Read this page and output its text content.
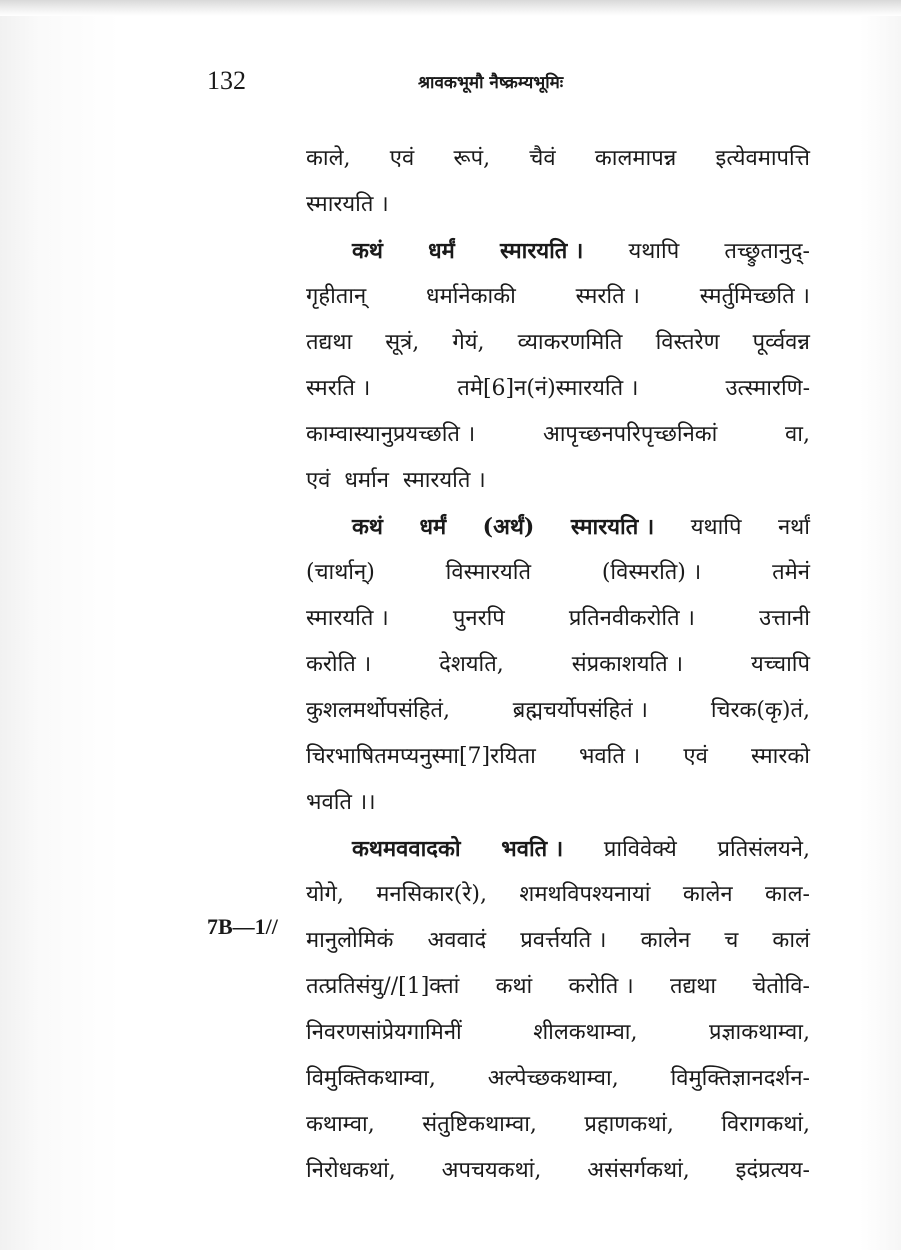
132	श्रावकभूमौ नैष्क्रम्यभूमिः
7B—1//
काले, एवं रूपं, चैवं कालमापन्न इत्येवमापत्ति
स्मारयति ।
कथं धर्मं स्मारयति । यथापि तच्छ्रुतानुद्-
गृहीतान्	धर्मानेकाकी	स्मरति ।	स्मर्तुमिच्छति ।
तद्यथा सूत्रं, गेयं, व्याकरणमिति विस्तरेण पूर्व्ववन्न
स्मरति ।	तमे[6]न(नं)स्मारयति ।	उत्स्मारणि-
काम्वास्यानुप्रयच्छति ।	आपृच्छनपरिपृच्छनिकां	वा,
एवं धर्मान स्मारयति ।
कथं धर्मं (अर्थं) स्मारयति । यथापि नर्थां
(चार्थान्)	विस्मारयति	(विस्मरति) ।	तमेनं
स्मारयति ।	पुनरपि	प्रतिनवीकरोति ।	उत्तानी
करोति ।	देशयति,	संप्रकाशयति ।	यच्चापि
कुशलमर्थोपसंहितं,	ब्रह्मचर्योपसंहितं ।	चिरक(कृ)तं,
चिरभाषितमप्यनुस्मा[7]रयिता भवति । एवं स्मारको
भवति ।।
कथमववादको भवति । प्राविवेक्ये प्रतिसंलयने,
योगे, मनसिकार(रे), शमथविपश्यनायां कालेन काल-
मानुलोमिकं अववादं प्रवर्त्तयति । कालेन च कालं
तत्प्रतिसंयु//[1]क्तां कथां करोति । तद्यथा चेतोवि-
निवरणसांप्रेयगामिनीं	शीलकथाम्वा,	प्रज्ञाकथाम्वा,
विमुक्तिकथाम्वा, अल्पेच्छकथाम्वा, विमुक्तिज्ञानदर्शन-
कथाम्वा, संतुष्टिकथाम्वा, प्रहाणकथां, विरागकथां,
निरोधकथां, अपचयकथां, असंसर्गकथां, इदंप्रत्यय-
